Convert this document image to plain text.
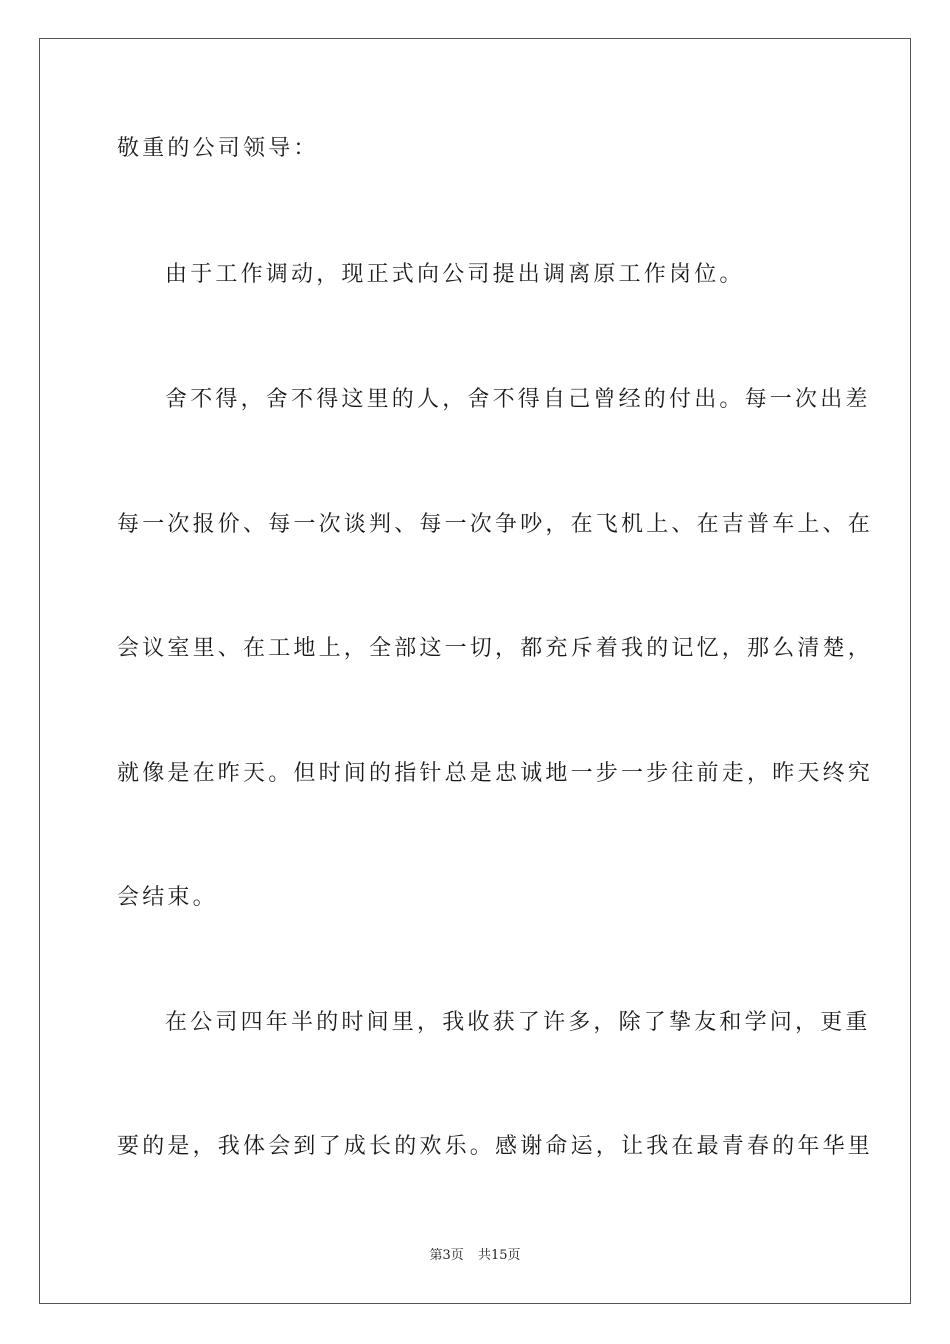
敬重的公司领导：
由于工作调动，现正式向公司提出调离原工作岗位。
舍不得，舍不得这里的人，舍不得自己曾经的付出。每一次出差
每一次报价、每一次谈判、每一次争吵，在飞机上、在吉普车上、在
会议室里、在工地上，全部这一切，都充斥着我的记忆，那么清楚，
就像是在昨天。但时间的指针总是忠诚地一步一步往前走，昨天终究
会结束。
在公司四年半的时间里，我收获了许多，除了挚友和学问，更重
要的是，我体会到了成长的欢乐。感谢命运，让我在最青春的年华里
第3页 共15页
